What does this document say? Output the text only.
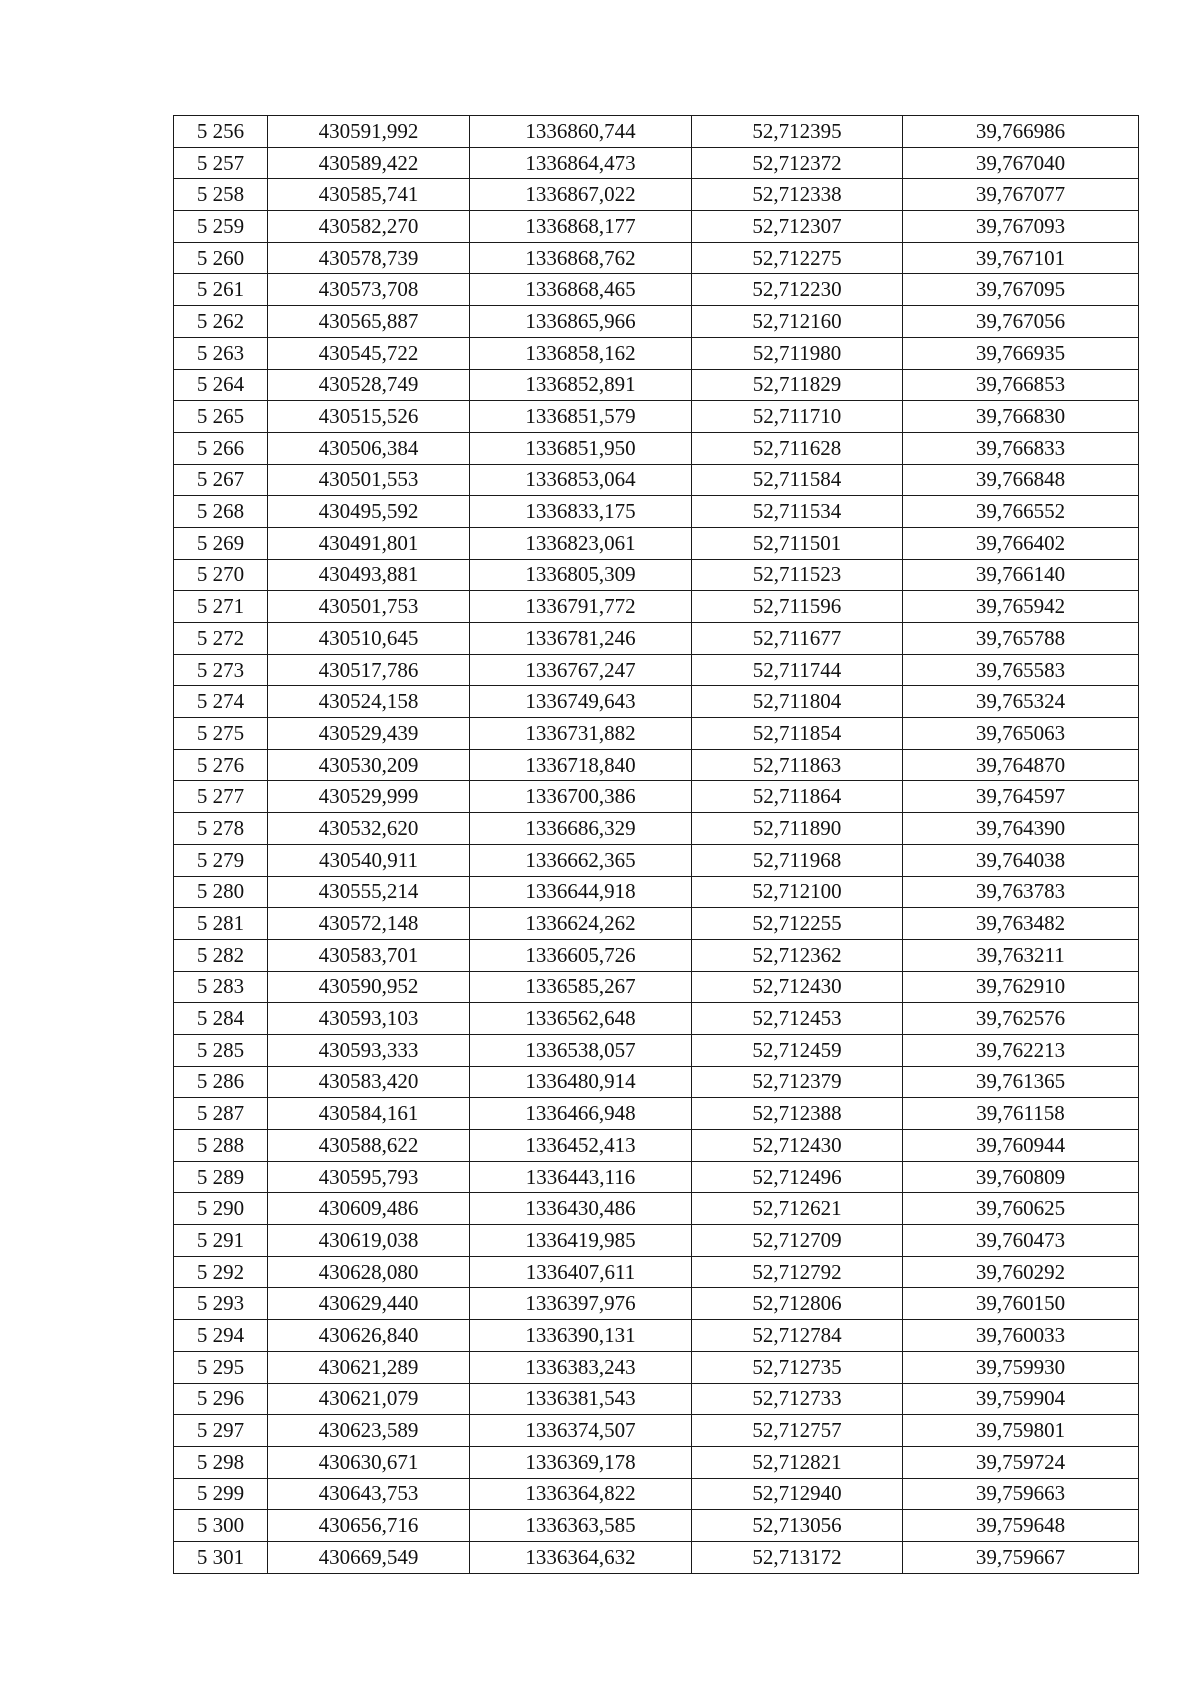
5 256	430591,992	1336860,744	52,712395	39,766986
5 257	430589,422	1336864,473	52,712372	39,767040
5 258	430585,741	1336867,022	52,712338	39,767077
5 259	430582,270	1336868,177	52,712307	39,767093
5 260	430578,739	1336868,762	52,712275	39,767101
5 261	430573,708	1336868,465	52,712230	39,767095
5 262	430565,887	1336865,966	52,712160	39,767056
5 263	430545,722	1336858,162	52,711980	39,766935
5 264	430528,749	1336852,891	52,711829	39,766853
5 265	430515,526	1336851,579	52,711710	39,766830
5 266	430506,384	1336851,950	52,711628	39,766833
5 267	430501,553	1336853,064	52,711584	39,766848
5 268	430495,592	1336833,175	52,711534	39,766552
5 269	430491,801	1336823,061	52,711501	39,766402
5 270	430493,881	1336805,309	52,711523	39,766140
5 271	430501,753	1336791,772	52,711596	39,765942
5 272	430510,645	1336781,246	52,711677	39,765788
5 273	430517,786	1336767,247	52,711744	39,765583
5 274	430524,158	1336749,643	52,711804	39,765324
5 275	430529,439	1336731,882	52,711854	39,765063
5 276	430530,209	1336718,840	52,711863	39,764870
5 277	430529,999	1336700,386	52,711864	39,764597
5 278	430532,620	1336686,329	52,711890	39,764390
5 279	430540,911	1336662,365	52,711968	39,764038
5 280	430555,214	1336644,918	52,712100	39,763783
5 281	430572,148	1336624,262	52,712255	39,763482
5 282	430583,701	1336605,726	52,712362	39,763211
5 283	430590,952	1336585,267	52,712430	39,762910
5 284	430593,103	1336562,648	52,712453	39,762576
5 285	430593,333	1336538,057	52,712459	39,762213
5 286	430583,420	1336480,914	52,712379	39,761365
5 287	430584,161	1336466,948	52,712388	39,761158
5 288	430588,622	1336452,413	52,712430	39,760944
5 289	430595,793	1336443,116	52,712496	39,760809
5 290	430609,486	1336430,486	52,712621	39,760625
5 291	430619,038	1336419,985	52,712709	39,760473
5 292	430628,080	1336407,611	52,712792	39,760292
5 293	430629,440	1336397,976	52,712806	39,760150
5 294	430626,840	1336390,131	52,712784	39,760033
5 295	430621,289	1336383,243	52,712735	39,759930
5 296	430621,079	1336381,543	52,712733	39,759904
5 297	430623,589	1336374,507	52,712757	39,759801
5 298	430630,671	1336369,178	52,712821	39,759724
5 299	430643,753	1336364,822	52,712940	39,759663
5 300	430656,716	1336363,585	52,713056	39,759648
5 301	430669,549	1336364,632	52,713172	39,759667
